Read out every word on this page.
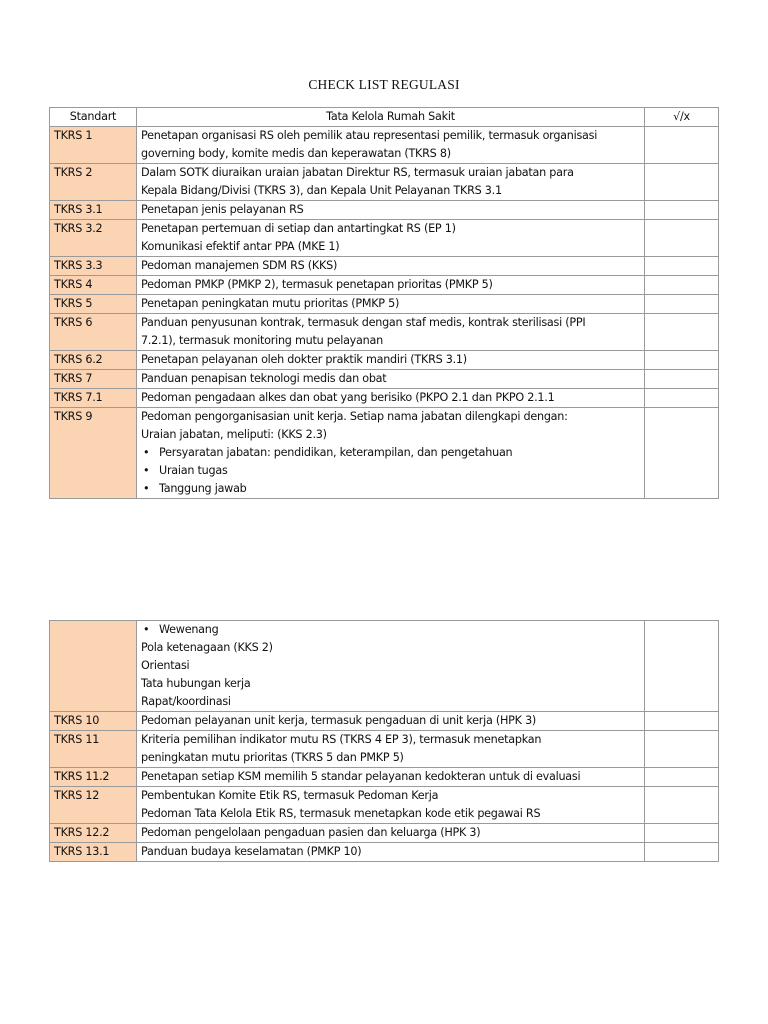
CHECK LIST REGULASI
Standart	Tata Kelola Rumah Sakit	√/x
TKRS 1	Penetapan organisasi RS oleh pemilik atau representasi pemilik, termasuk organisasi
governing body, komite medis dan keperawatan (TKRS 8)	

TKRS 2	Dalam SOTK diuraikan uraian jabatan Direktur RS, termasuk uraian jabatan para
Kepala Bidang/Divisi (TKRS 3), dan Kepala Unit Pelayanan TKRS 3.1	

TKRS 3.1	Penetapan jenis pelayanan RS	

TKRS 3.2	Penetapan pertemuan di setiap dan antartingkat RS (EP 1)
Komunikasi efektif antar PPA (MKE 1)	

TKRS 3.3	Pedoman manajemen SDM RS (KKS)	

TKRS 4	Pedoman PMKP (PMKP 2), termasuk penetapan prioritas (PMKP 5)	

TKRS 5	Penetapan peningkatan mutu prioritas (PMKP 5)	

TKRS 6	Panduan penyusunan kontrak, termasuk dengan staf medis, kontrak sterilisasi (PPI
7.2.1), termasuk monitoring mutu pelayanan	

TKRS 6.2	Penetapan pelayanan oleh dokter praktik mandiri (TKRS 3.1)	

TKRS 7	Panduan penapisan teknologi medis dan obat	

TKRS 7.1	Pedoman pengadaan alkes dan obat yang berisiko (PKPO 2.1 dan PKPO 2.1.1	

TKRS 9	Pedoman pengorganisasian unit kerja. Setiap nama jabatan dilengkapi dengan:
Uraian jabatan, meliputi: (KKS 2.3)
• Persyaratan jabatan: pendidikan, keterampilan, dan pengetahuan
• Uraian tugas
• Tanggung jawab	

	• Wewenang
Pola ketenagaan (KKS 2)
Orientasi
Tata hubungan kerja
Rapat/koordinasi	

TKRS 10	Pedoman pelayanan unit kerja, termasuk pengaduan di unit kerja (HPK 3)	

TKRS 11	Kriteria pemilihan indikator mutu RS (TKRS 4 EP 3), termasuk menetapkan
peningkatan mutu prioritas (TKRS 5 dan PMKP 5)	

TKRS 11.2	Penetapan setiap KSM memilih 5 standar pelayanan kedokteran untuk di evaluasi	

TKRS 12	Pembentukan Komite Etik RS, termasuk Pedoman Kerja
Pedoman Tata Kelola Etik RS, termasuk menetapkan kode etik pegawai RS	

TKRS 12.2	Pedoman pengelolaan pengaduan pasien dan keluarga (HPK 3)	

TKRS 13.1	Panduan budaya keselamatan (PMKP 10)	
